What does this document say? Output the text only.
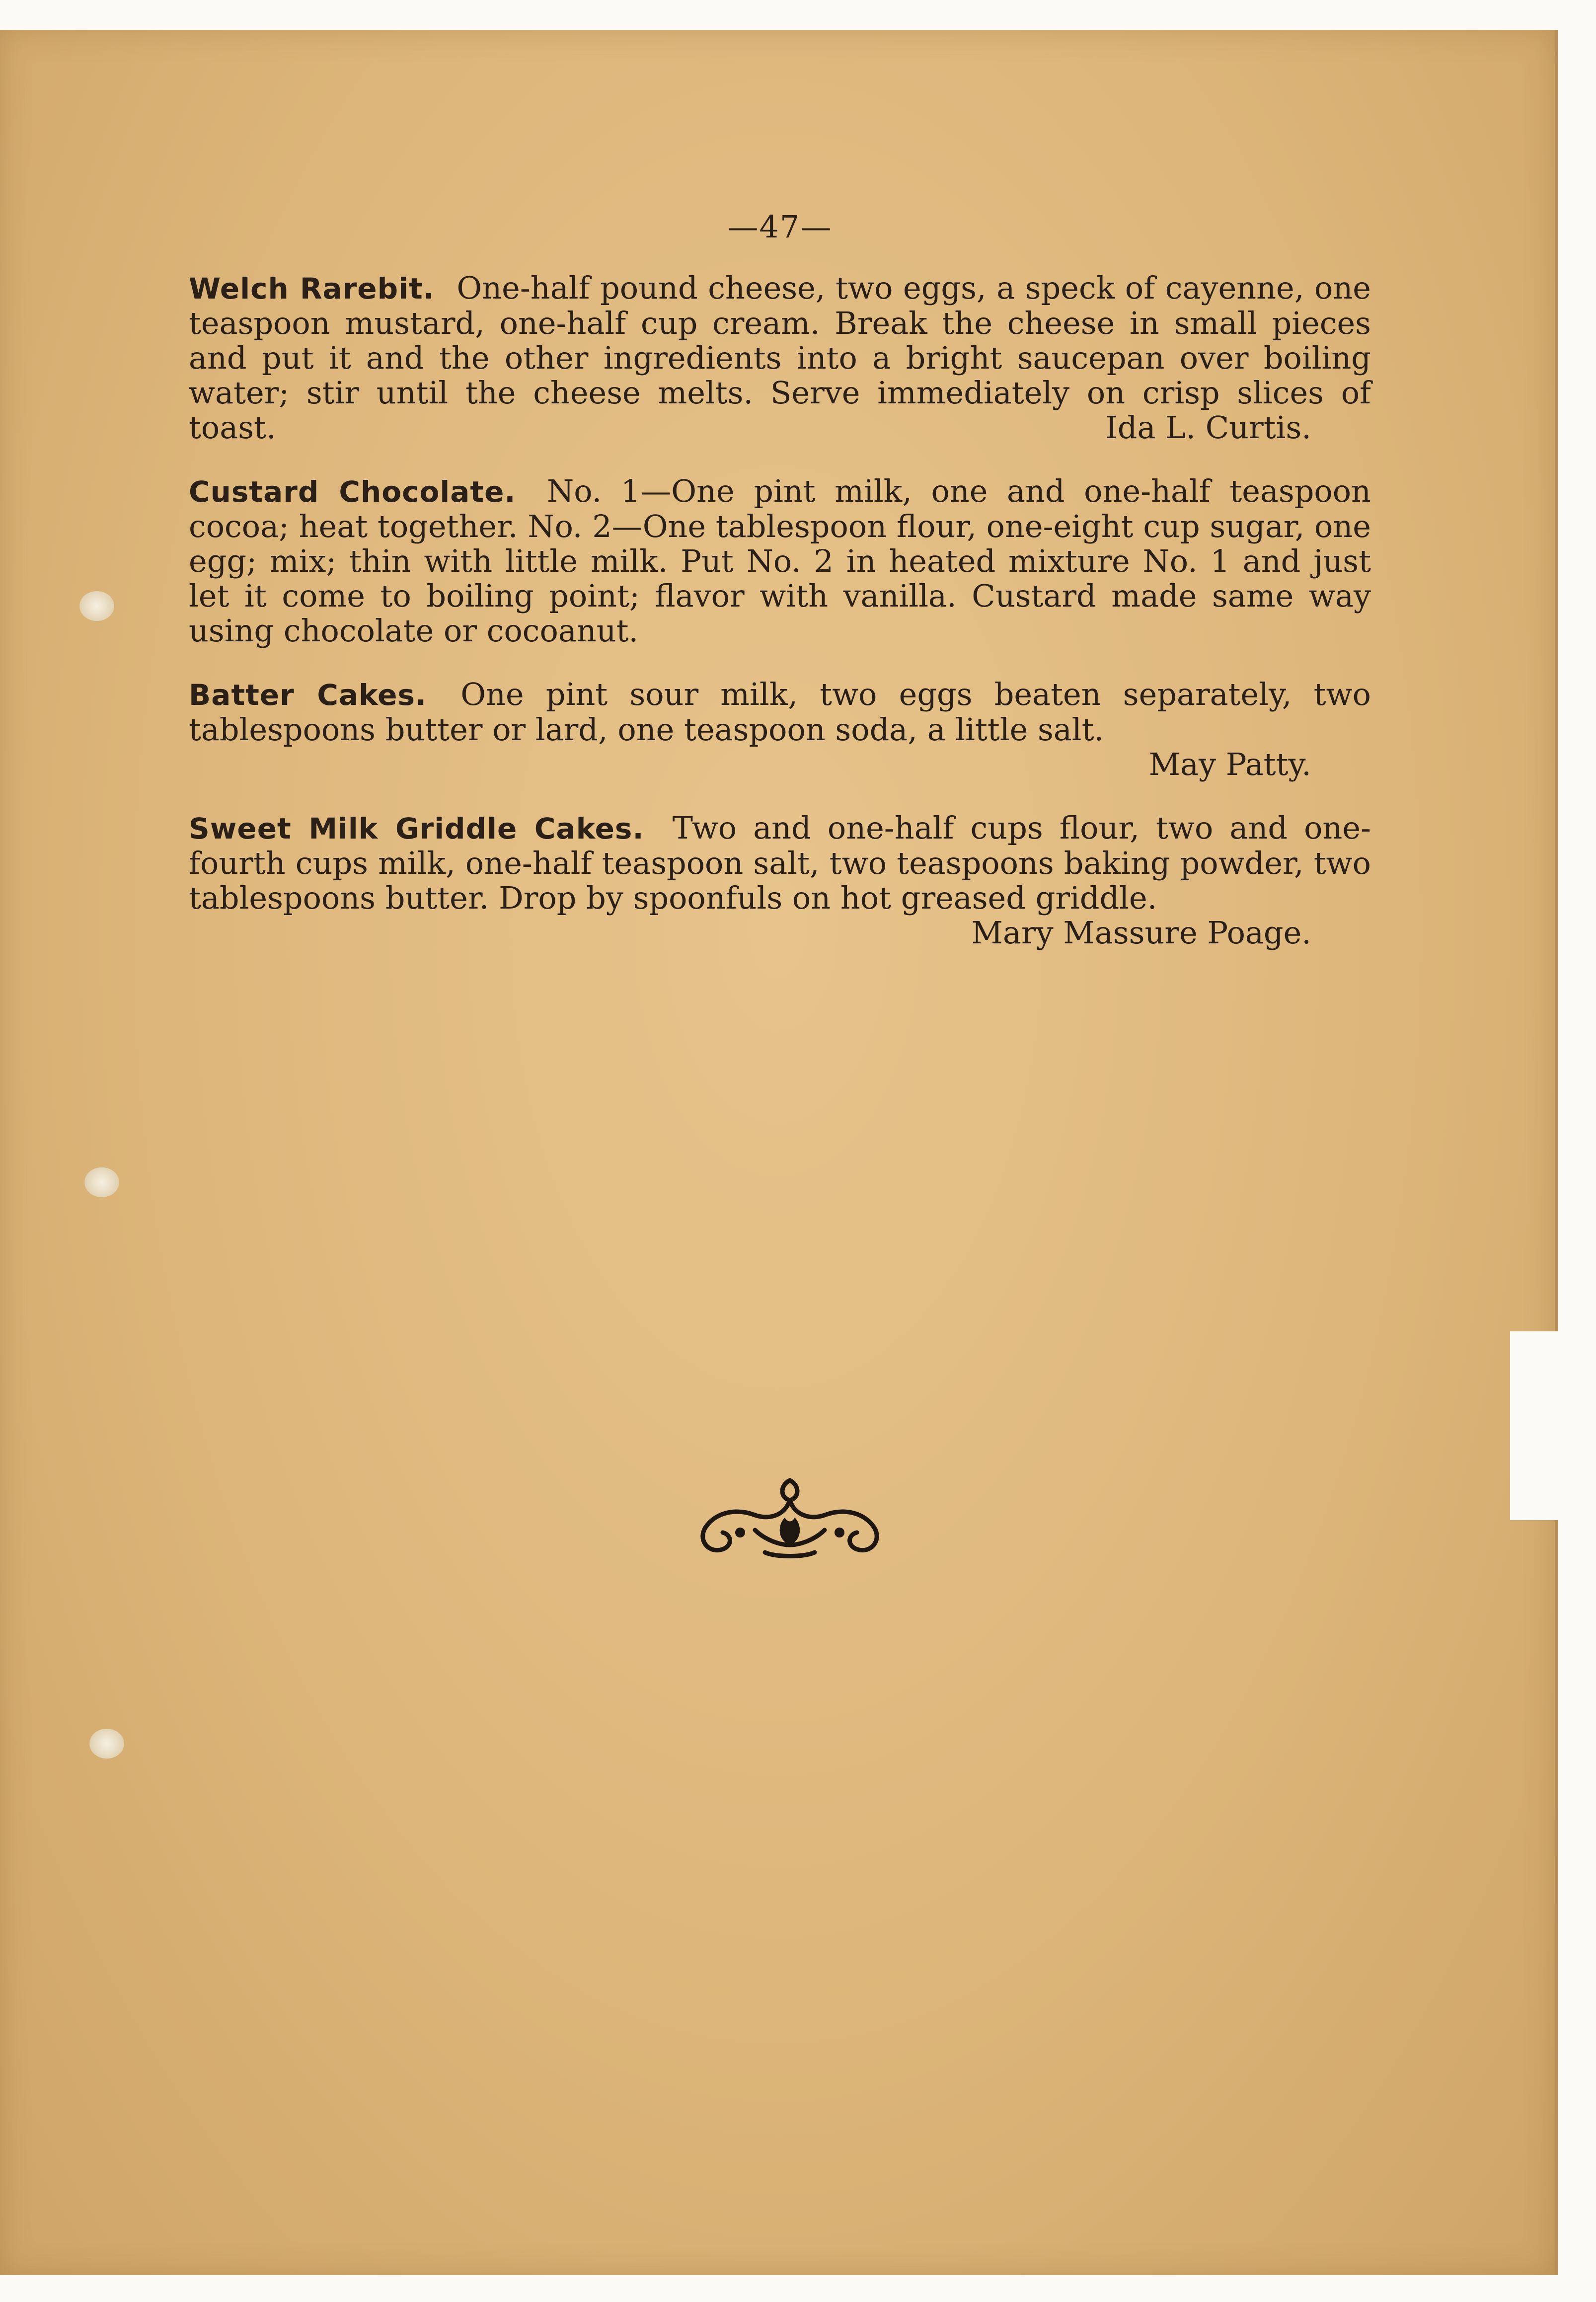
—47—
Welch Rarebit. One-half pound cheese, two eggs, a speck of cayenne, one teaspoon mustard, one-half cup cream. Break the cheese in small pieces and put it and the other ingredients into a bright saucepan over boiling water; stir until the cheese melts. Serve immediately on crisp slices of toast.	Ida L. Curtis.
Custard Chocolate. No. 1—One pint milk, one and one-half teaspoon cocoa; heat together. No. 2—One tablespoon flour, one-eight cup sugar, one egg; mix; thin with little milk. Put No. 2 in heated mixture No. 1 and just let it come to boiling point; flavor with vanilla. Custard made same way using chocolate or cocoanut.
Batter Cakes. One pint sour milk, two eggs beaten separately, two tablespoons butter or lard, one teaspoon soda, a little salt.
May Patty.
Sweet Milk Griddle Cakes. Two and one-half cups flour, two and one-fourth cups milk, one-half teaspoon salt, two teaspoons baking powder, two tablespoons butter. Drop by spoonfuls on hot greased griddle.
Mary Massure Poage.
